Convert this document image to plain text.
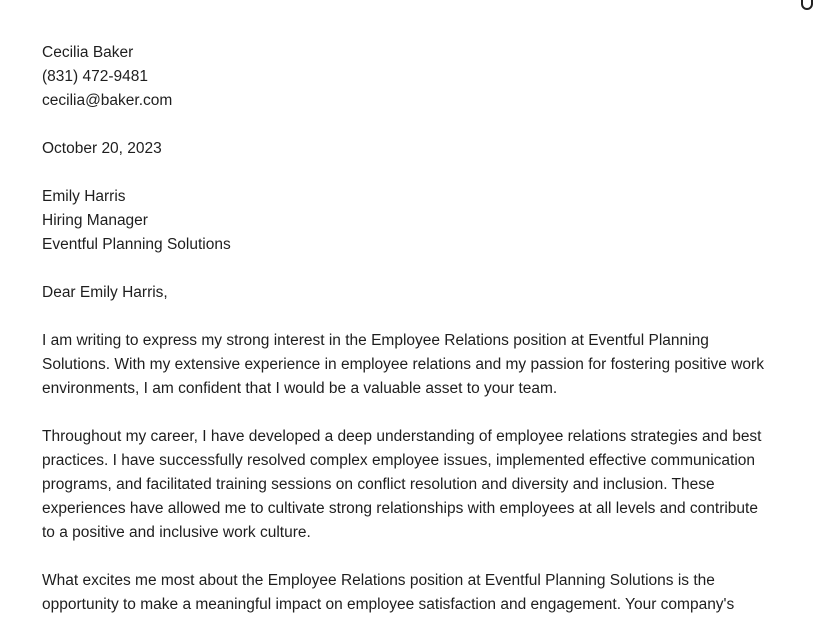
Cecilia Baker
(831) 472-9481
cecilia@baker.com
October 20, 2023
Emily Harris
Hiring Manager
Eventful Planning Solutions
Dear Emily Harris,
I am writing to express my strong interest in the Employee Relations position at Eventful Planning
Solutions. With my extensive experience in employee relations and my passion for fostering positive work
environments, I am confident that I would be a valuable asset to your team.
Throughout my career, I have developed a deep understanding of employee relations strategies and best
practices. I have successfully resolved complex employee issues, implemented effective communication
programs, and facilitated training sessions on conflict resolution and diversity and inclusion. These
experiences have allowed me to cultivate strong relationships with employees at all levels and contribute
to a positive and inclusive work culture.
What excites me most about the Employee Relations position at Eventful Planning Solutions is the
opportunity to make a meaningful impact on employee satisfaction and engagement. Your company's
